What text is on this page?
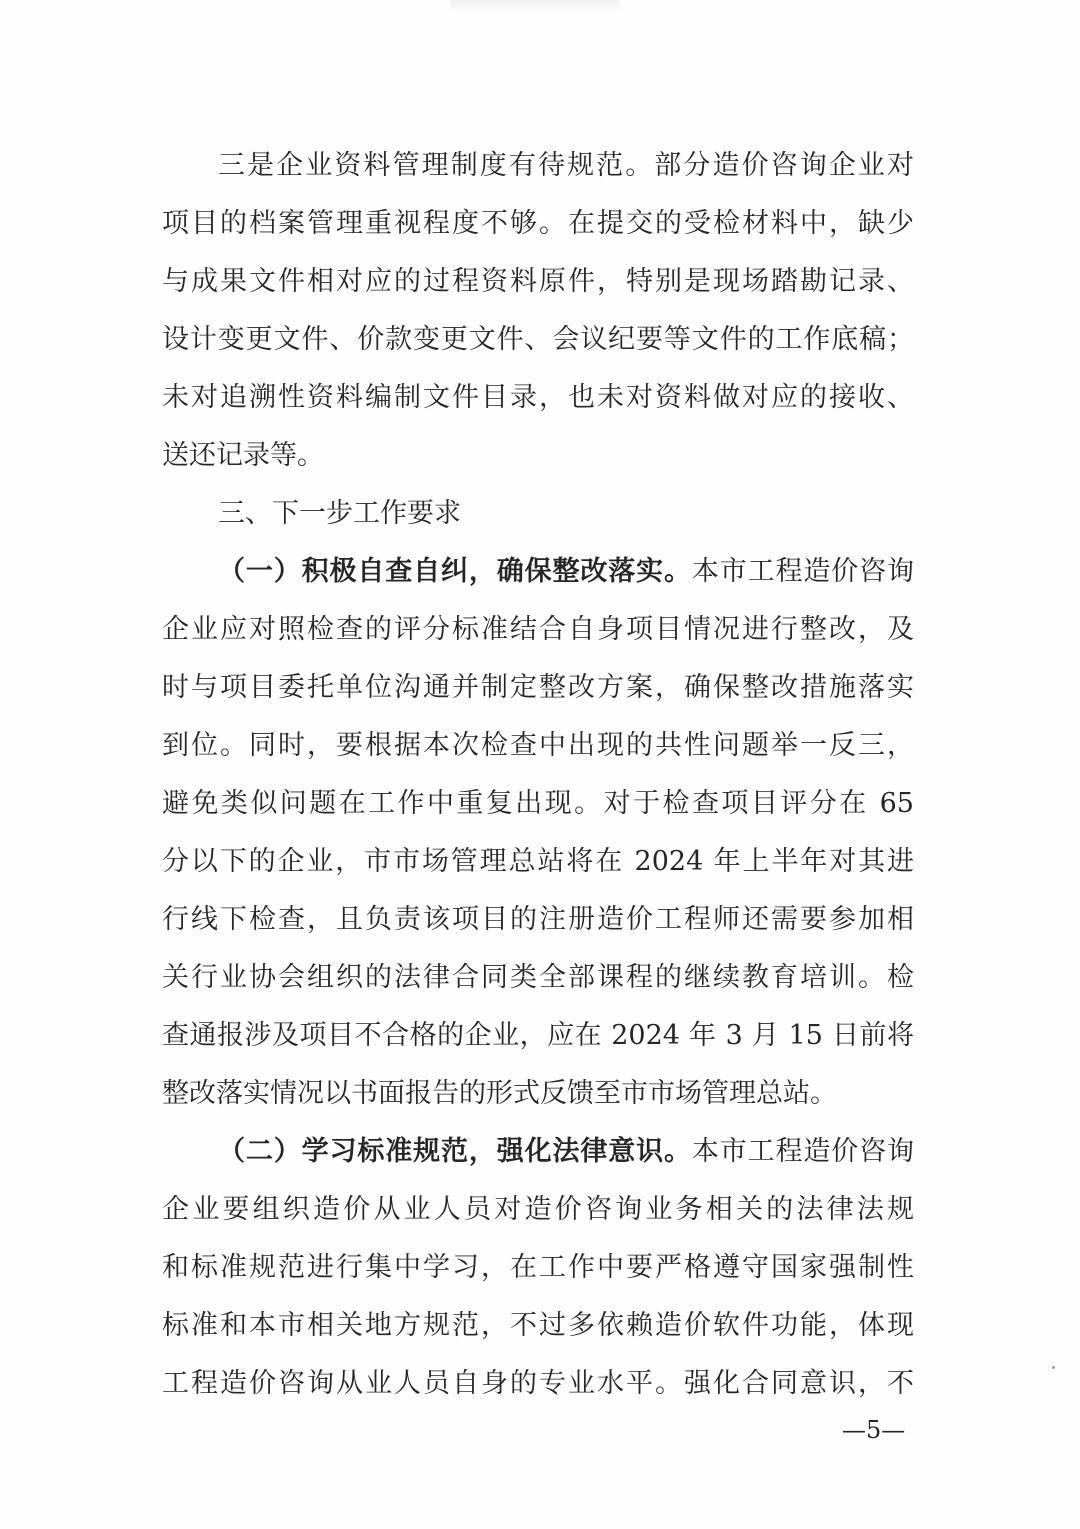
三是企业资料管理制度有待规范。部分造价咨询企业对
项目的档案管理重视程度不够。在提交的受检材料中，缺少
与成果文件相对应的过程资料原件，特别是现场踏勘记录、
设计变更文件、价款变更文件、会议纪要等文件的工作底稿；
未对追溯性资料编制文件目录，也未对资料做对应的接收、
送还记录等。
三、下一步工作要求
（一）积极自查自纠，确保整改落实。本市工程造价咨询
企业应对照检查的评分标准结合自身项目情况进行整改，及
时与项目委托单位沟通并制定整改方案，确保整改措施落实
到位。同时，要根据本次检查中出现的共性问题举一反三，
避免类似问题在工作中重复出现。对于检查项目评分在 65
分以下的企业，市市场管理总站将在 2024 年上半年对其进
行线下检查，且负责该项目的注册造价工程师还需要参加相
关行业协会组织的法律合同类全部课程的继续教育培训。检
查通报涉及项目不合格的企业，应在 2024 年 3 月 15 日前将
整改落实情况以书面报告的形式反馈至市市场管理总站。
（二）学习标准规范，强化法律意识。本市工程造价咨询
企业要组织造价从业人员对造价咨询业务相关的法律法规
和标准规范进行集中学习，在工作中要严格遵守国家强制性
标准和本市相关地方规范，不过多依赖造价软件功能，体现
工程造价咨询从业人员自身的专业水平。强化合同意识，不
—5—
